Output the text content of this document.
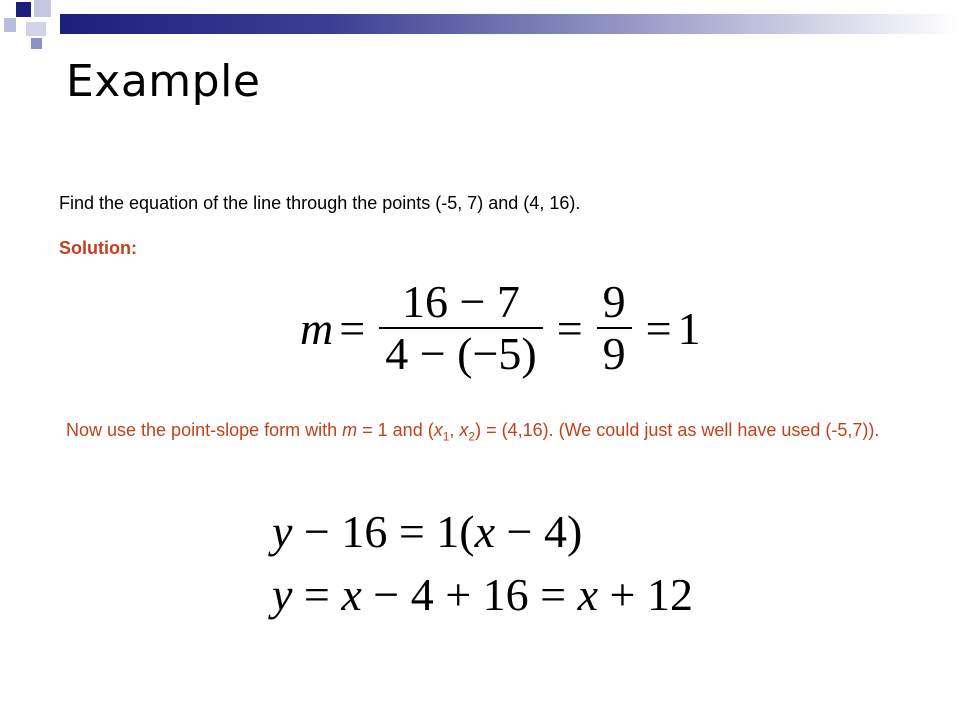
Example
Find the equation of the line through the points (-5, 7) and (4, 16).
Solution:
$m = \frac{16 - 7}{4 - (-5)} = \frac{9}{9} = 1$
Now use the point-slope form with m = 1 and ($x_1$, $x_2) = (4,16)$. (We could just as well have used (-5,7)).
y − 16 = 1(x − 4)
y = x − 4 + 16 = x + 12
